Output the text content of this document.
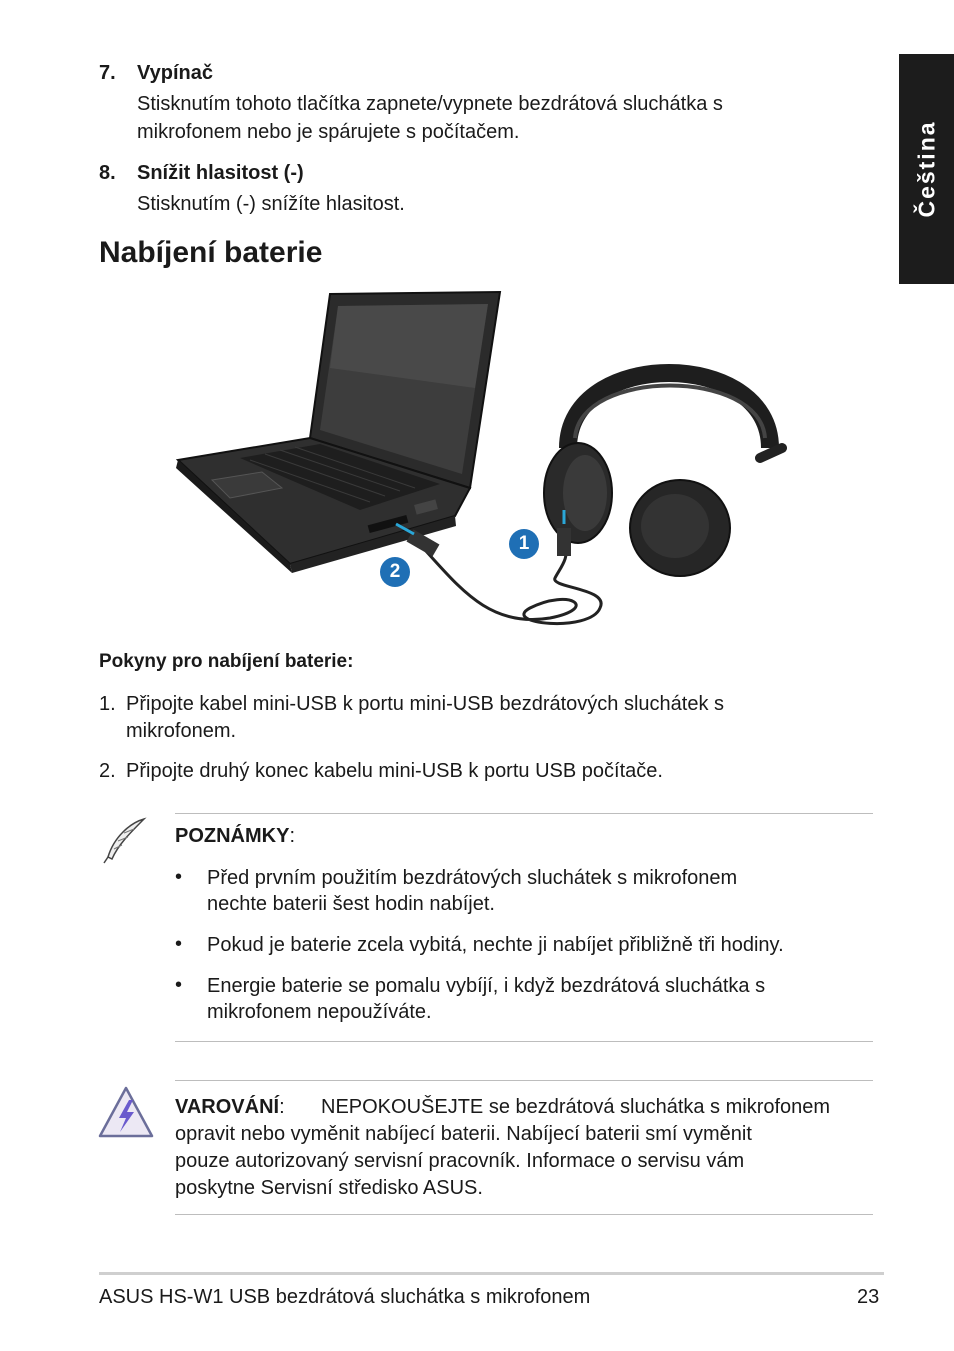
Čeština
7. Vypínač
Stisknutím tohoto tlačítka zapnete/vypnete bezdrátová sluchátka s
mikrofonem nebo je spárujete s počítačem.
8. Snížit hlasitost (-)
Stisknutím (-) snížíte hlasitost.
Nabíjení baterie
1
2
Pokyny pro nabíjení baterie:
1. Připojte kabel mini-USB k portu mini-USB bezdrátových sluchátek s
mikrofonem.
2. Připojte druhý konec kabelu mini-USB k portu USB počítače.
POZNÁMKY:
• Před prvním použitím bezdrátových sluchátek s mikrofonem
nechte baterii šest hodin nabíjet.
• Pokud je baterie zcela vybitá, nechte ji nabíjet přibližně tři hodiny.
• Energie baterie se pomalu vybíjí, i když bezdrátová sluchátka s
mikrofonem nepoužíváte.
VAROVÁNÍ: NEPOKOUŠEJTE se bezdrátová sluchátka s mikrofonem
opravit nebo vyměnit nabíjecí baterii. Nabíjecí baterii smí vyměnit
pouze autorizovaný servisní pracovník. Informace o servisu vám
poskytne Servisní středisko ASUS.
ASUS HS-W1 USB bezdrátová sluchátka s mikrofonem	23
